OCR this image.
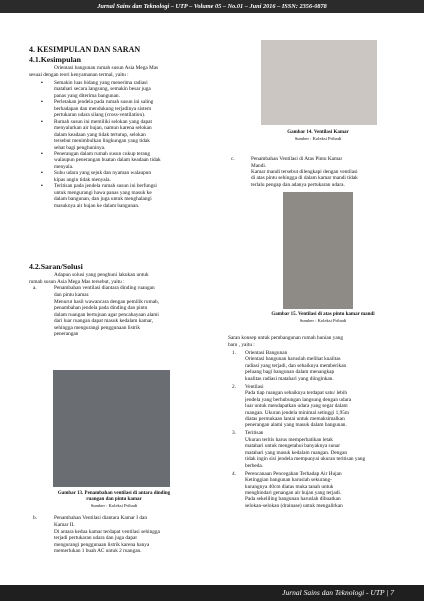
Jurnal Sains dan Teknologi – UTP – Volume 05 – No.01 – Juni 2016 – ISSN: 2356-0878
4. KESIMPULAN DAN SARAN
4.1.Kesimpulan
Orientasi bangunan rumah susun Asia Mega Mas
sesuai dengan teori kenyamanan termal, yaitu :
▪	Semakin luas bidang yang menerima radiasi
matahari secara langsung, semakin besar juga
panas yang diterima bangunan.
▪	Perletakan jendela pada rumah susun ini saling
berhadapan dan mendukung terjadinya sistem
pertukaran udara silang (cross-ventilation).
▪	Rumah susun ini memiliki selokan yang dapat
menyalurkan air hujan, namun karena selokan
dalam keadaan yang tidak tertutup, selokan
tersebut menimbulkan lingkungan yang tidak
sehat bagi penghuninya.
▪	Penerangan dalam rumah susun cukup terang
walaupun penerangan buatan dalam keadaan tidak
menyala.
▪	Suhu udara yang sejuk dan nyaman walaupun
kipas angin tidak menyala.
▪	Teritisan pada jendela rumah susun ini berfungsi
untuk mengurangi hawa panas yang masuk ke
dalam bangunan, dan juga untuk menghalangi
masuknya air hujan ke dalam bangunan.
4.2.Saran/Solusi
Adapun solusi yang penghuni lakukan untuk
rumah susun Asia Mega Mas tersebut, yaitu :
a.	Penambahan ventilasi diantara dinding ruangan
dan pintu kamar.
Menurut hasil wawancara dengan pemilik rumah,
penambahan jendela pada dinding dan pintu
dalam ruangan bertujuan agar pencahayaan alami
dari luar ruangan dapat masuk kedalam kamar,
sehingga mengurangi penggunaan listrik
penerangan
Gambar 13. Penambahan ventilasi di antara dinding
ruangan dan pintu kamar
Sumber : Koleksi Pribadi
b.	Penambahan Ventilasi diantara Kamar I dan
Kamar II.
Di antara kedua kamar terdapat ventilasi sehingga
terjadi pertukaran udara dan juga dapat
mengurangi penggunaan listrik karena hanya
memerlukan 1 buah AC untuk 2 ruangan.
Gambar 14. Ventilasi Kamar
Sumber : Koleksi Pribadi
c.	Penambahan Ventilasi di Atas Pintu Kamar
Mandi.
Kamar mandi tersebut dilengkapi dengan ventilasi
di atas pintu sehingga di dalam kamar mandi tidak
terlalu pengap dan adanya pertukaran udara.
Gambar 15. Ventilasi di atas pintu kamar mandi
Sumber : Koleksi Pribadi
Saran konsep untuk pembangunan rumah hunian yang
baru , yaitu :
1. Orientasi Bangunan
Orientasi bangunan haruslah melihat kualitas
radiasi yang terjadi, dan sebaiknya memberikan
peluang bagi bangunan dalam menangkap
kualitas radiasi matahari yang diinginkan.
2. Ventilasi
Pada tiap ruangan sebaiknya terdapat satu/ lebih
jendela yang berhubungan langsung dengan udara
luar untuk mendapatkan udara yang segar dalam
ruangan. Ukuran jendela minimal setinggi 1,95m
diatas permukaan lantai untuk memaksimalkan
penerangan alami yang masuk dalam bangunan.
3. Teritisan
Ukuran teritis harus memperhatikan letak
matahari untuk mengetahui banyaknya sunar
matahari yang masuk kedalam ruangan. Dengan
tidak ingin sisi jendela mempunyai ukuran teritisan yang
berbeda.
4. Perencanaan Pencegahan Terhadap Air Hujan
Ketinggian bangunan haruslah sekurang-
kurangnya 40cm diatas muka tanah untuk
menghindari genangan air hujan yang terjadi.
Pada sekeliling bangunan haruslah dibuatkan
selokan-selokan (drainase) untuk mengalirkan
Jurnal Sains dan Teknologi - UTP | 7
